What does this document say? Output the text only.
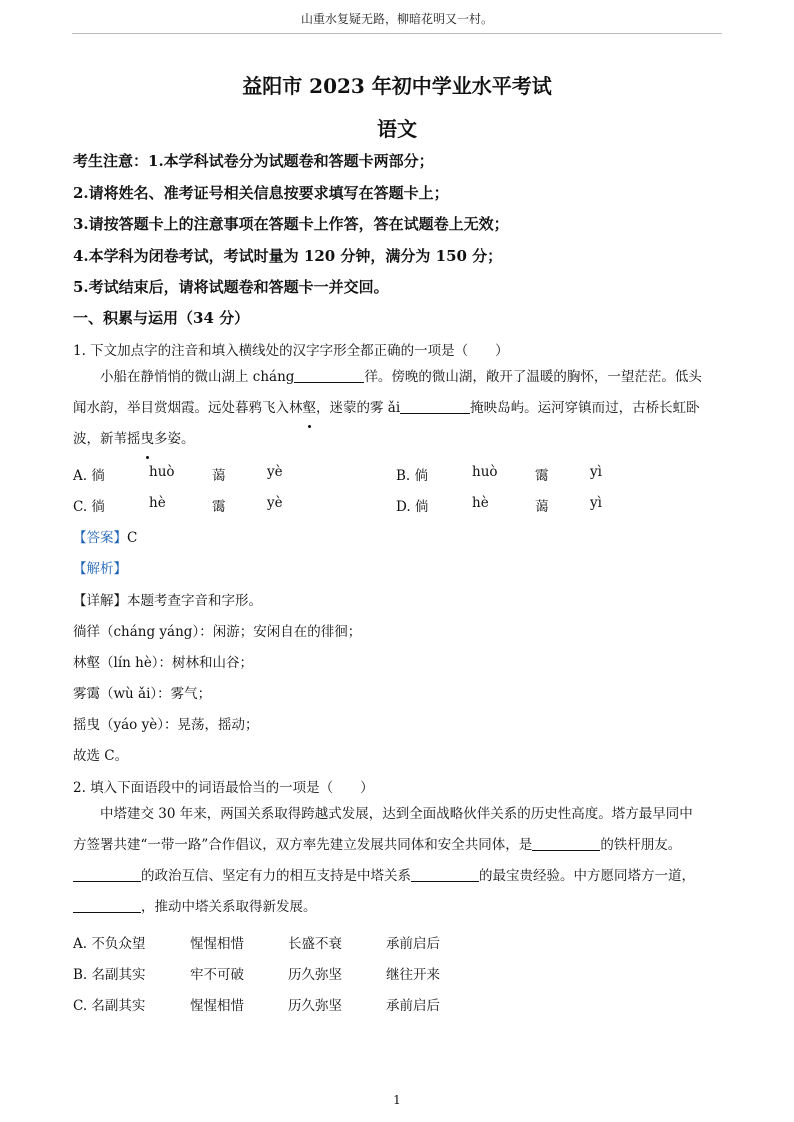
山重水复疑无路，柳暗花明又一村。
益阳市 2023 年初中学业水平考试
语文
考生注意：1.本学科试卷分为试题卷和答题卡两部分；
2.请将姓名、准考证号相关信息按要求填写在答题卡上；
3.请按答题卡上的注意事项在答题卡上作答，答在试题卷上无效；
4.本学科为闭卷考试，考试时量为 120 分钟，满分为 150 分；
5.考试结束后，请将试题卷和答题卡一并交回。
一、积累与运用（34 分）
1. 下文加点字的注音和填入横线处的汉字字形全都正确的一项是（　　）
小船在静悄悄的微山湖上 cháng	徉。傍晚的微山湖，敞开了温暖的胸怀，一望茫茫。低头
闻水韵，举目赏烟霞。远处暮鸦飞入林壑，迷蒙的雾 ǎi	掩映岛屿。运河穿镇而过，古桥长虹卧
波，新苇摇曳多姿。
A. 徜	huò	蔼	yè	B. 倘	huò	霭	yì
C. 徜	hè	霭	yè	D. 倘	hè	蔼	yì
【答案】C
【解析】
【详解】本题考查字音和字形。
徜徉（cháng yáng）：闲游；安闲自在的徘徊；
林壑（lín hè）：树林和山谷；
雾霭（wù ǎi）：雾气；
摇曳（yáo yè）：晃荡，摇动；
故选 C。
2. 填入下面语段中的词语最恰当的一项是（　　）
中塔建交 30 年来，两国关系取得跨越式发展，达到全面战略伙伴关系的历史性高度。塔方最早同中
方签署共建“一带一路”合作倡议，双方率先建立发展共同体和安全共同体，是	的铁杆朋友。
的政治互信、坚定有力的相互支持是中塔关系	的最宝贵经验。中方愿同塔方一道，
，推动中塔关系取得新发展。
A. 不负众望	惺惺相惜	长盛不衰	承前启后
B. 名副其实	牢不可破	历久弥坚	继往开来
C. 名副其实	惺惺相惜	历久弥坚	承前启后
1
